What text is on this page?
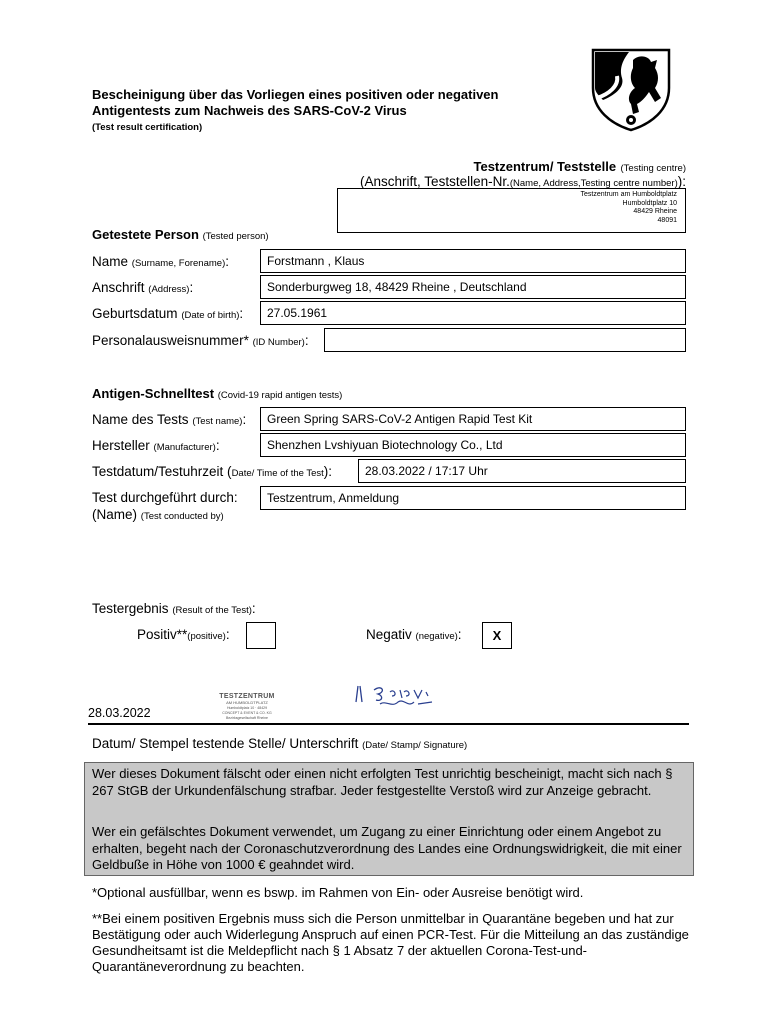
Bescheinigung über das Vorliegen eines positiven oder negativen
Antigentests zum Nachweis des SARS-CoV-2 Virus
(Test result certification)
Testzentrum/ Teststelle (Testing centre)
(Anschrift, Teststellen-Nr.(Name, Address,Testing centre number)):
Testzentrum am Humboldtplatz
Humboldtplatz 10
48429 Rheine
48091
Getestete Person (Tested person)
Name (Surname, Forename):	Forstmann , Klaus
Anschrift (Address):	Sonderburgweg 18, 48429 Rheine , Deutschland
Geburtsdatum (Date of birth):	27.05.1961
Personalausweisnummer* (ID Number):
Antigen-Schnelltest (Covid-19 rapid antigen tests)
Name des Tests (Test name):	Green Spring SARS-CoV-2 Antigen Rapid Test Kit
Hersteller (Manufacturer):	Shenzhen Lvshiyuan Biotechnology Co., Ltd
Testdatum/Testuhrzeit (Date/ Time of the Test):	28.03.2022 / 17:17 Uhr
Test durchgeführt durch:
(Name) (Test conducted by)
Testzentrum, Anmeldung
Testergebnis (Result of the Test):
Positiv**(positive):	Negativ (negative):	X
28.03.2022
TESTZENTRUM
AM HUMBOLDTPLATZ
Humboldtplatz 10 · 48429
CONCEPT & EVENT & CO. KG
Bezirksgesellschaft Rheine
Datum/ Stempel testende Stelle/ Unterschrift (Date/ Stamp/ Signature)

Wer dieses Dokument fälscht oder einen nicht erfolgten Test unrichtig bescheinigt, macht sich nach § 267 StGB der Urkundenfälschung strafbar. Jeder festgestellte Verstoß wird zur Anzeige gebracht.

Wer ein gefälschtes Dokument verwendet, um Zugang zu einer Einrichtung oder einem Angebot zu erhalten, begeht nach der Coronaschutzverordnung des Landes eine Ordnungswidrigkeit, die mit einer Geldbuße in Höhe von 1000 € geahndet wird.

*Optional ausfüllbar, wenn es bswp. im Rahmen von Ein- oder Ausreise benötigt wird.

**Bei einem positiven Ergebnis muss sich die Person unmittelbar in Quarantäne begeben und hat zur Bestätigung oder auch Widerlegung Anspruch auf einen PCR-Test. Für die Mitteilung an das zuständige Gesundheitsamt ist die Meldepflicht nach § 1 Absatz 7 der aktuellen Corona-Test-und-Quarantäneverordnung zu beachten.
